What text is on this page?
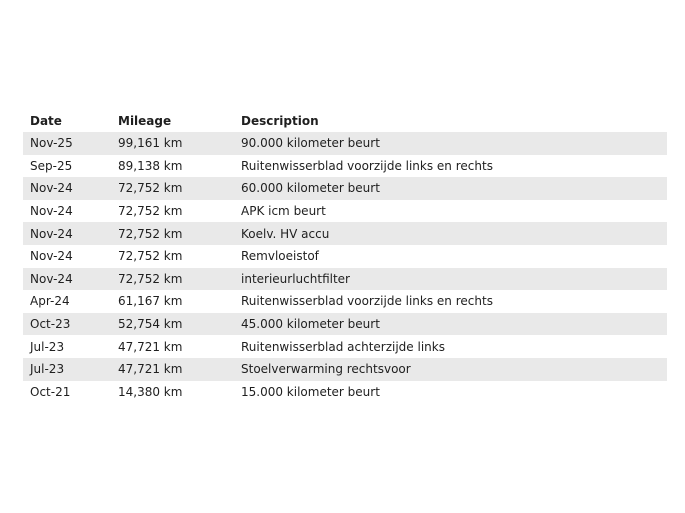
Date	Mileage	Description
Nov-25	99,161 km	90.000 kilometer beurt
Sep-25	89,138 km	Ruitenwisserblad voorzijde links en rechts
Nov-24	72,752 km	60.000 kilometer beurt
Nov-24	72,752 km	APK icm beurt
Nov-24	72,752 km	Koelv. HV accu
Nov-24	72,752 km	Remvloeistof
Nov-24	72,752 km	interieurluchtfilter
Apr-24	61,167 km	Ruitenwisserblad voorzijde links en rechts
Oct-23	52,754 km	45.000 kilometer beurt
Jul-23	47,721 km	Ruitenwisserblad achterzijde links
Jul-23	47,721 km	Stoelverwarming rechtsvoor
Oct-21	14,380 km	15.000 kilometer beurt
